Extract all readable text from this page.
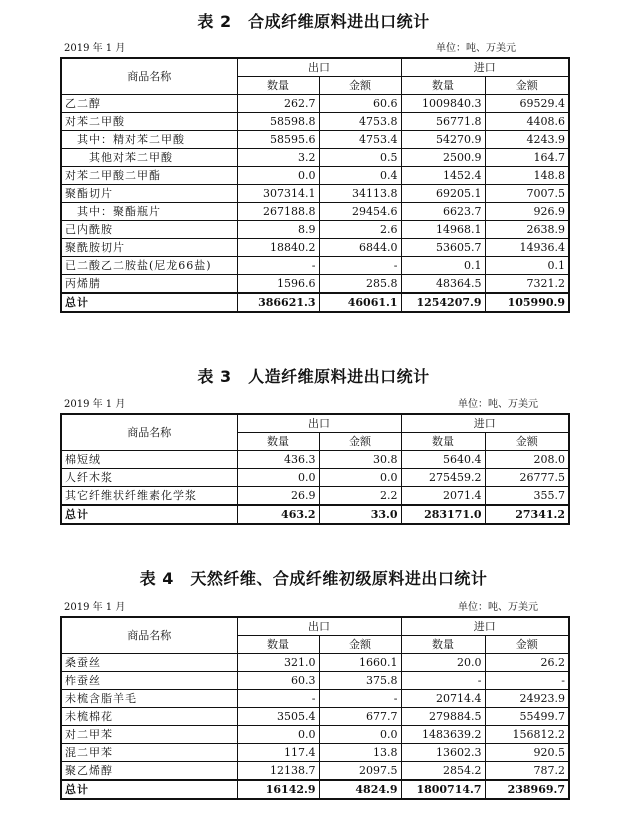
表 2　合成纤维原料进出口统计
2019 年 1 月	单位：吨、万美元
商品名称	出口		进口	
	数量	金额	数量	金额
乙二醇	262.7	60.6	1009840.3	69529.4
对苯二甲酸	58598.8	4753.8	56771.8	4408.6
其中：精对苯二甲酸	58595.6	4753.4	54270.9	4243.9
其他对苯二甲酸	3.2	0.5	2500.9	164.7
对苯二甲酸二甲酯	0.0	0.4	1452.4	148.8
聚酯切片	307314.1	34113.8	69205.1	7007.5
其中：聚酯瓶片	267188.8	29454.6	6623.7	926.9
己内酰胺	8.9	2.6	14968.1	2638.9
聚酰胺切片	18840.2	6844.0	53605.7	14936.4
已二酸乙二胺盐(尼龙66盐)	-	-	0.1	0.1
丙烯腈	1596.6	285.8	48364.5	7321.2
总计	386621.3	46061.1	1254207.9	105990.9
表 3　人造纤维原料进出口统计
2019 年 1 月	单位：吨、万美元
商品名称	出口		进口	
	数量	金额	数量	金额
棉短绒	436.3	30.8	5640.4	208.0
人纤木浆	0.0	0.0	275459.2	26777.5
其它纤维状纤维素化学浆	26.9	2.2	2071.4	355.7
总计	463.2	33.0	283171.0	27341.2
表 4　天然纤维、合成纤维初级原料进出口统计
2019 年 1 月	单位：吨、万美元
商品名称	出口		进口	
	数量	金额	数量	金额
桑蚕丝	321.0	1660.1	20.0	26.2
柞蚕丝	60.3	375.8	-	-
未梳含脂羊毛	-	-	20714.4	24923.9
未梳棉花	3505.4	677.7	279884.5	55499.7
对二甲苯	0.0	0.0	1483639.2	156812.2
混二甲苯	117.4	13.8	13602.3	920.5
聚乙烯醇	12138.7	2097.5	2854.2	787.2
总计	16142.9	4824.9	1800714.7	238969.7
